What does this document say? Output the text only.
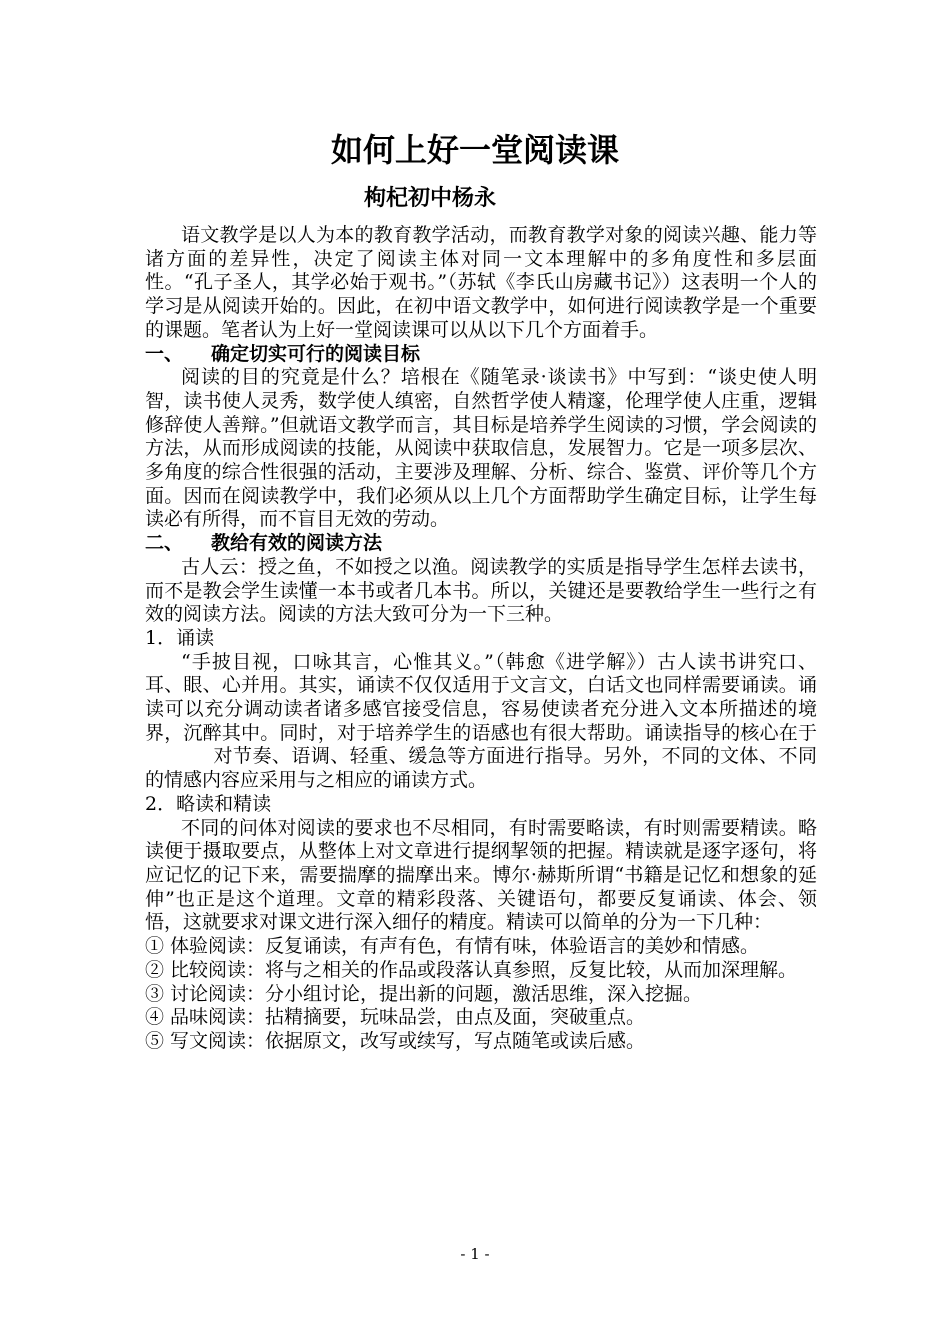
如何上好一堂阅读课
枸杞初中杨永

语文教学是以人为本的教育教学活动，而教育教学对象的阅读兴趣、能力等诸方面的差异性，决定了阅读主体对同一文本理解中的多角度性和多层面性。“孔子圣人，其学必始于观书。”（苏轼《李氏山房藏书记》）这表明一个人的学习是从阅读开始的。因此，在初中语文教学中，如何进行阅读教学是一个重要的课题。笔者认为上好一堂阅读课可以从以下几个方面着手。

一、 确定切实可行的阅读目标

阅读的目的究竟是什么？培根在《随笔录·谈读书》中写到：“谈史使人明智，读书使人灵秀，数学使人缜密，自然哲学使人精邃，伦理学使人庄重，逻辑修辞使人善辩。”但就语文教学而言，其目标是培养学生阅读的习惯，学会阅读的方法，从而形成阅读的技能，从阅读中获取信息，发展智力。它是一项多层次、多角度的综合性很强的活动，主要涉及理解、分析、综合、鉴赏、评价等几个方面。因而在阅读教学中，我们必须从以上几个方面帮助学生确定目标，让学生每读必有所得，而不盲目无效的劳动。

二、 教给有效的阅读方法

古人云：授之鱼，不如授之以渔。阅读教学的实质是指导学生怎样去读书，而不是教会学生读懂一本书或者几本书。所以，关键还是要教给学生一些行之有效的阅读方法。阅读的方法大致可分为一下三种。

1．诵读

“手披目视，口咏其言，心惟其义。”（韩愈《进学解》）古人读书讲究口、耳、眼、心并用。其实，诵读不仅仅适用于文言文，白话文也同样需要诵读。诵读可以充分调动读者诸多感官接受信息，容易使读者充分进入文本所描述的境界，沉醉其中。同时，对于培养学生的语感也有很大帮助。诵读指导的核心在于对节奏、语调、轻重、缓急等方面进行指导。另外，不同的文体、不同的情感内容应采用与之相应的诵读方式。

2．略读和精读

不同的问体对阅读的要求也不尽相同，有时需要略读，有时则需要精读。略读便于摄取要点，从整体上对文章进行提纲挈领的把握。精读就是逐字逐句，将应记忆的记下来，需要揣摩的揣摩出来。博尔·赫斯所谓“书籍是记忆和想象的延伸”也正是这个道理。文章的精彩段落、关键语句，都要反复诵读、体会、领悟，这就要求对课文进行深入细仔的精度。精读可以简单的分为一下几种：

① 体验阅读：反复诵读，有声有色，有情有味，体验语言的美妙和情感。

② 比较阅读：将与之相关的作品或段落认真参照，反复比较，从而加深理解。

③ 讨论阅读：分小组讨论，提出新的问题，激活思维，深入挖掘。

④ 品味阅读：拈精摘要，玩味品尝，由点及面，突破重点。

⑤ 写文阅读：依据原文，改写或续写，写点随笔或读后感。

- 1 -
